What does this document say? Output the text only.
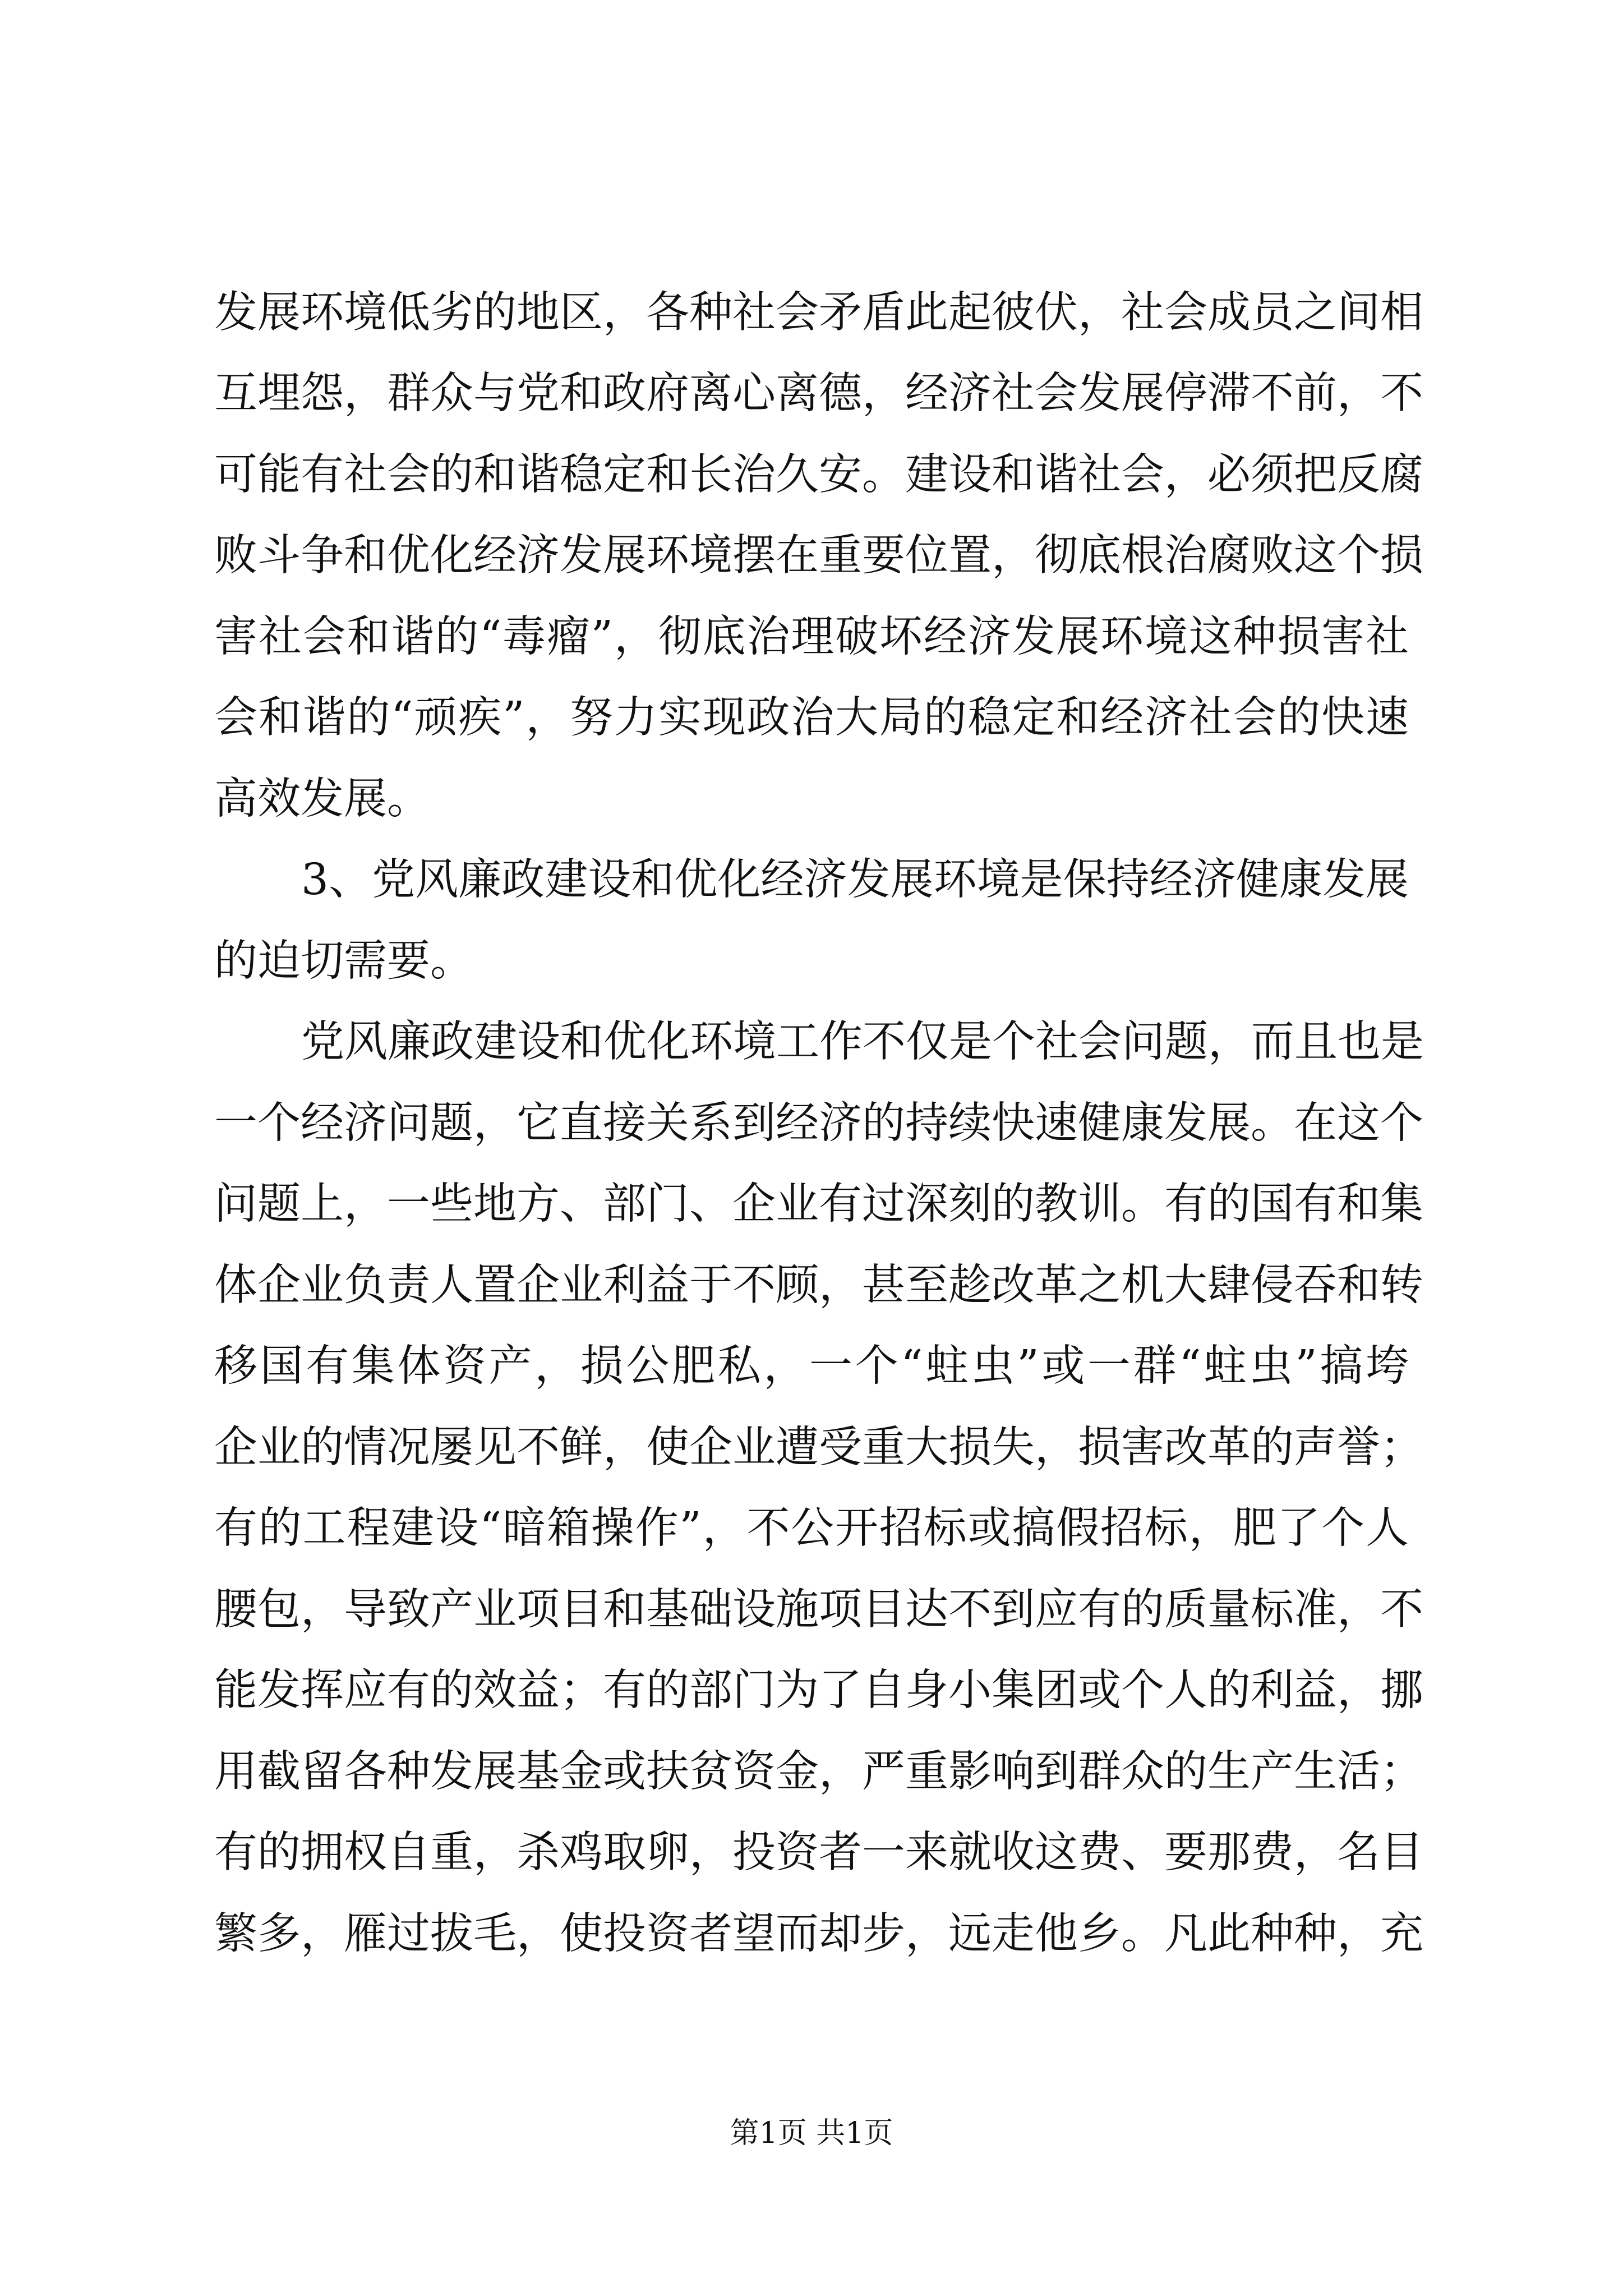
发展环境低劣的地区，各种社会矛盾此起彼伏，社会成员之间相
互埋怨，群众与党和政府离心离德，经济社会发展停滞不前，不
可能有社会的和谐稳定和长治久安。建设和谐社会，必须把反腐
败斗争和优化经济发展环境摆在重要位置，彻底根治腐败这个损
害社会和谐的“毒瘤”，彻底治理破坏经济发展环境这种损害社
会和谐的“顽疾”，努力实现政治大局的稳定和经济社会的快速
高效发展。
3、党风廉政建设和优化经济发展环境是保持经济健康发展
的迫切需要。
党风廉政建设和优化环境工作不仅是个社会问题，而且也是
一个经济问题，它直接关系到经济的持续快速健康发展。在这个
问题上，一些地方、部门、企业有过深刻的教训。有的国有和集
体企业负责人置企业利益于不顾，甚至趁改革之机大肆侵吞和转
移国有集体资产，损公肥私，一个“蛀虫”或一群“蛀虫”搞垮
企业的情况屡见不鲜，使企业遭受重大损失，损害改革的声誉；
有的工程建设“暗箱操作”，不公开招标或搞假招标，肥了个人
腰包，导致产业项目和基础设施项目达不到应有的质量标准，不
能发挥应有的效益；有的部门为了自身小集团或个人的利益，挪
用截留各种发展基金或扶贫资金，严重影响到群众的生产生活；
有的拥权自重，杀鸡取卵，投资者一来就收这费、要那费，名目
繁多，雁过拔毛，使投资者望而却步，远走他乡。凡此种种，充
第1页 共1页
